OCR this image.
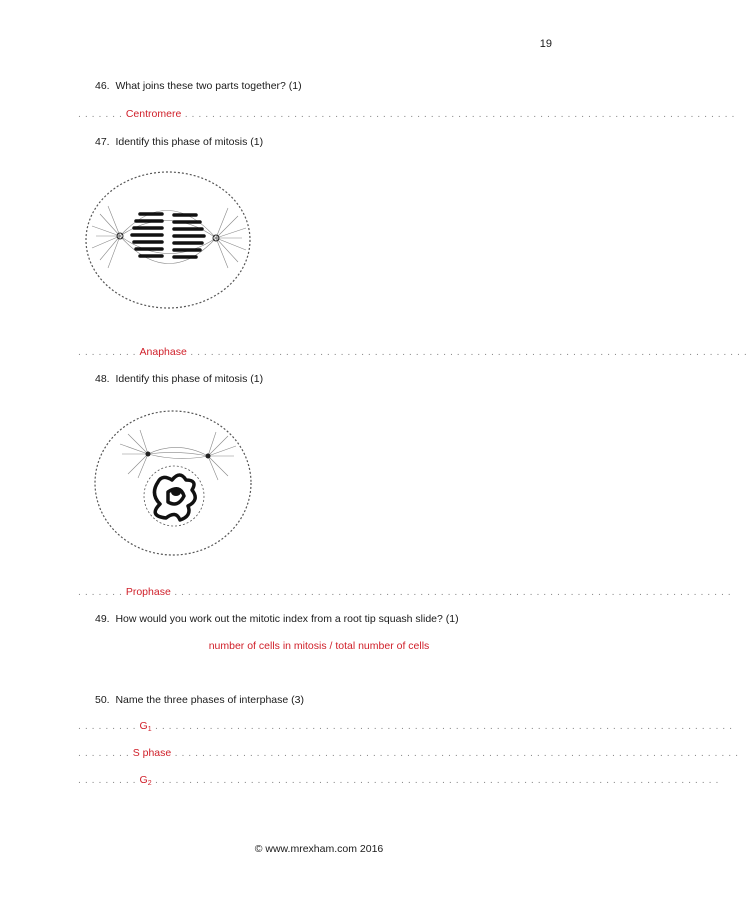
19
46. What joins these two parts together? (1)
. . . . . . . Centromere . . . . . . . . . . . . . . . . . . . . . . . . . . . . . . . . . . . . . . . . . . . . . . . . . . . . . . . . . . . . . . . . . . . . . . . . . . . . . . . . .
47. Identify this phase of mitosis (1)
. . . . . . . . . Anaphase . . . . . . . . . . . . . . . . . . . . . . . . . . . . . . . . . . . . . . . . . . . . . . . . . . . . . . . . . . . . . . . . . . . . . . . . . . . . . . . . . .
48. Identify this phase of mitosis (1)
. . . . . . . Prophase . . . . . . . . . . . . . . . . . . . . . . . . . . . . . . . . . . . . . . . . . . . . . . . . . . . . . . . . . . . . . . . . . . . . . . . . . . . . . . . . . .
49. How would you work out the mitotic index from a root tip squash slide? (1)
number of cells in mitosis / total number of cells
50. Name the three phases of interphase (3)
. . . . . . . . . $G_1$ . . . . . . . . . . . . . . . . . . . . . . . . . . . . . . . . . . . . . . . . . . . . . . . . . . . . . . . . . . . . . . . . . . . . . . . . . . . . . . . . . . . . .
. . . . . . . . S phase . . . . . . . . . . . . . . . . . . . . . . . . . . . . . . . . . . . . . . . . . . . . . . . . . . . . . . . . . . . . . . . . . . . . . . . . . . . . . . . . . . .
. . . . . . . . . $G_2$ . . . . . . . . . . . . . . . . . . . . . . . . . . . . . . . . . . . . . . . . . . . . . . . . . . . . . . . . . . . . . . . . . . . . . . . . . . . . . . . . . . .
© www.mrexham.com 2016
